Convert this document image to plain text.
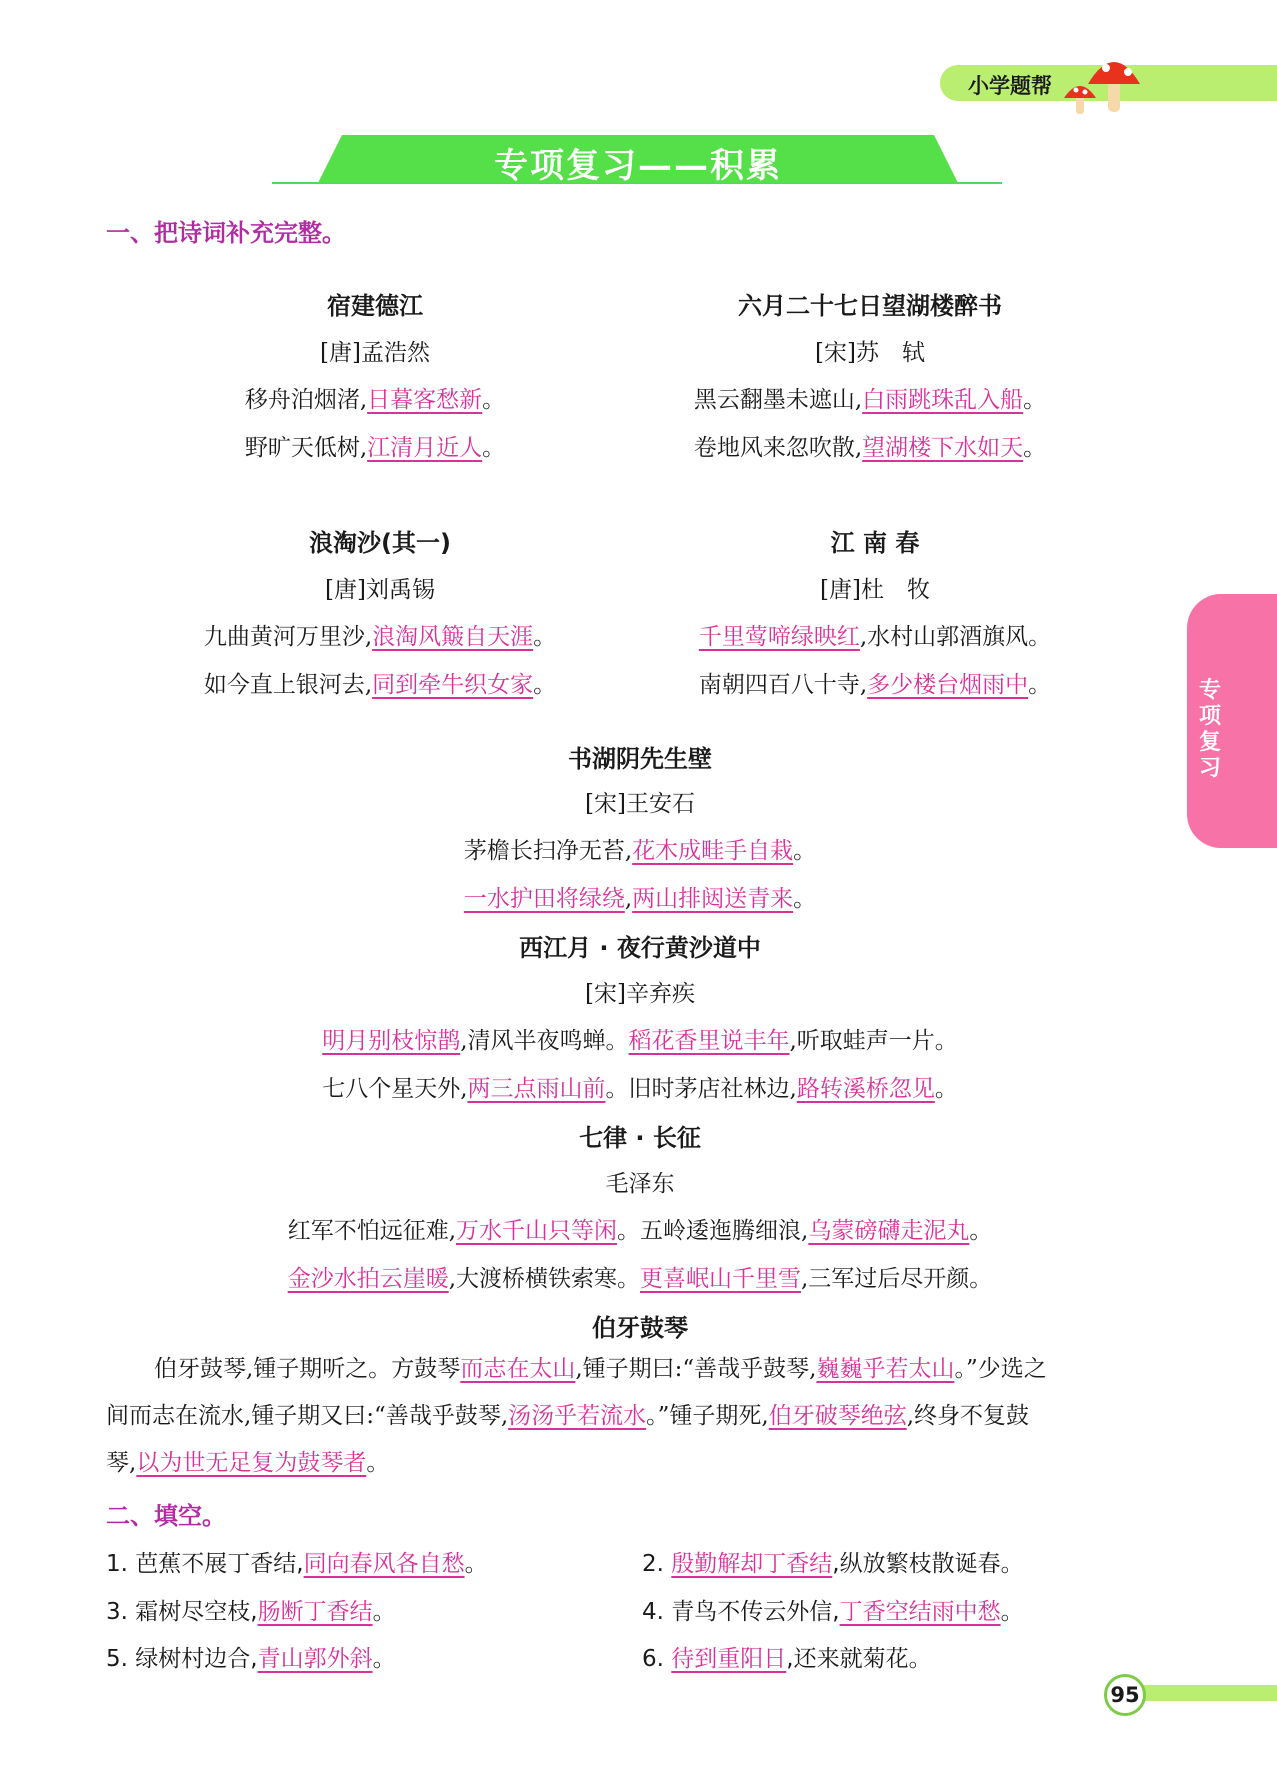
小学题帮
专项复习——积累
一、把诗词补充完整。
宿建德江
[唐]孟浩然
移舟泊烟渚,日暮客愁新。
野旷天低树,江清月近人。
六月二十七日望湖楼醉书
[宋]苏　轼
黑云翻墨未遮山,白雨跳珠乱入船。
卷地风来忽吹散,望湖楼下水如天。
浪淘沙(其一)
[唐]刘禹锡
九曲黄河万里沙,浪淘风簸自天涯。
如今直上银河去,同到牵牛织女家。
江 南 春
[唐]杜　牧
千里莺啼绿映红,水村山郭酒旗风。
南朝四百八十寺,多少楼台烟雨中。
书湖阴先生壁
[宋]王安石
茅檐长扫净无苔,花木成畦手自栽。
一水护田将绿绕,两山排闼送青来。
西江月 · 夜行黄沙道中
[宋]辛弃疾
明月别枝惊鹊,清风半夜鸣蝉。稻花香里说丰年,听取蛙声一片。
七八个星天外,两三点雨山前。旧时茅店社林边,路转溪桥忽见。
七律 · 长征
毛泽东
红军不怕远征难,万水千山只等闲。五岭逶迤腾细浪,乌蒙磅礴走泥丸。
金沙水拍云崖暖,大渡桥横铁索寒。更喜岷山千里雪,三军过后尽开颜。
伯牙鼓琴
伯牙鼓琴,锺子期听之。方鼓琴而志在太山,锺子期曰:“善哉乎鼓琴,巍巍乎若太山。”少选之
间而志在流水,锺子期又曰:“善哉乎鼓琴,汤汤乎若流水。”锺子期死,伯牙破琴绝弦,终身不复鼓
琴,以为世无足复为鼓琴者。
二、填空。
1. 芭蕉不展丁香结,同向春风各自愁。	2. 殷勤解却丁香结,纵放繁枝散诞春。
3. 霜树尽空枝,肠断丁香结。	4. 青鸟不传云外信,丁香空结雨中愁。
5. 绿树村边合,青山郭外斜。	6. 待到重阳日,还来就菊花。
专项复习
95
